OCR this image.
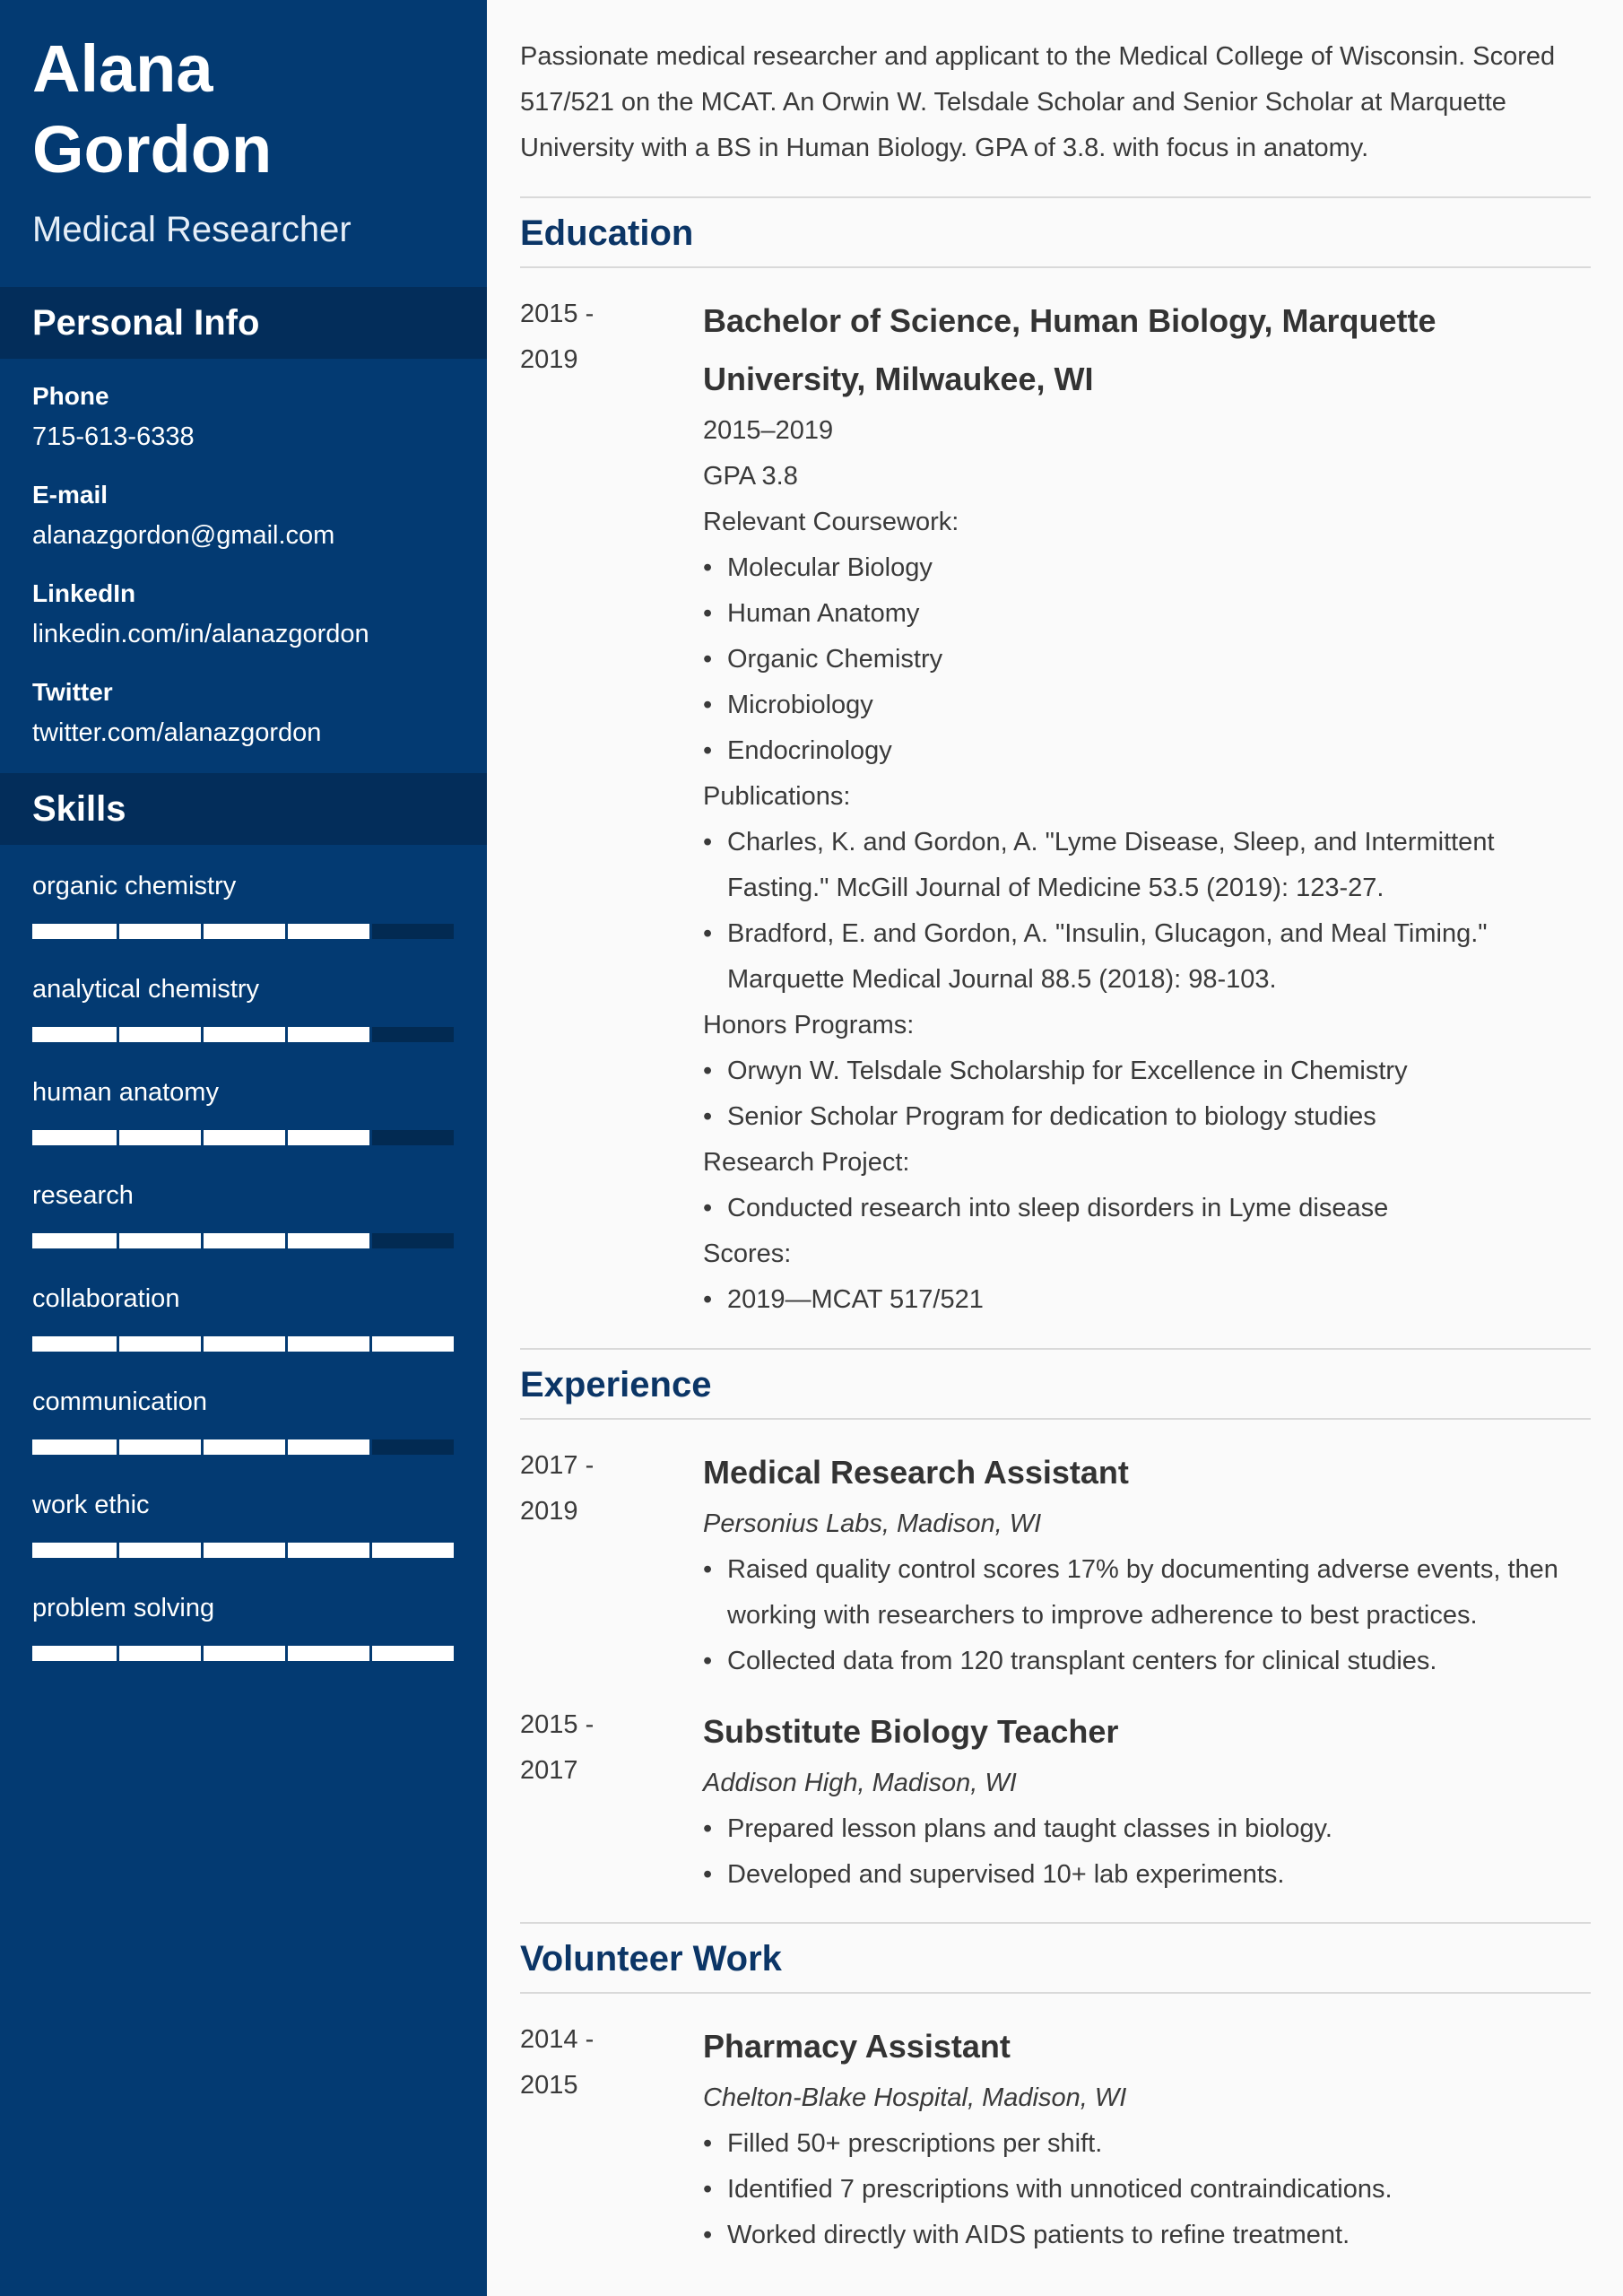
Alana
Gordon
Medical Researcher
Personal Info
Phone
715-613-6338
E-mail
alanazgordon@gmail.com
LinkedIn
linkedin.com/in/alanazgordon
Twitter
twitter.com/alanazgordon
Skills
organic chemistry
analytical chemistry
human anatomy
research
collaboration
communication
work ethic
problem solving

Passionate medical researcher and applicant to the Medical College of Wisconsin. Scored 517/521 on the MCAT. An Orwin W. Telsdale Scholar and Senior Scholar at Marquette University with a BS in Human Biology. GPA of 3.8. with focus in anatomy.

Education
2015 -
2019
Bachelor of Science, Human Biology, Marquette University, Milwaukee, WI
2015–2019
GPA 3.8
Relevant Coursework:
• Molecular Biology
• Human Anatomy
• Organic Chemistry
• Microbiology
• Endocrinology
Publications:
• Charles, K. and Gordon, A. "Lyme Disease, Sleep, and Intermittent Fasting." McGill Journal of Medicine 53.5 (2019): 123-27.
• Bradford, E. and Gordon, A. "Insulin, Glucagon, and Meal Timing." Marquette Medical Journal 88.5 (2018): 98-103.
Honors Programs:
• Orwyn W. Telsdale Scholarship for Excellence in Chemistry
• Senior Scholar Program for dedication to biology studies
Research Project:
• Conducted research into sleep disorders in Lyme disease
Scores:
• 2019—MCAT 517/521
Experience
2017 -
2019
Medical Research Assistant
Personius Labs, Madison, WI
• Raised quality control scores 17% by documenting adverse events, then working with researchers to improve adherence to best practices.
• Collected data from 120 transplant centers for clinical studies.
2015 -
2017
Substitute Biology Teacher
Addison High, Madison, WI
• Prepared lesson plans and taught classes in biology.
• Developed and supervised 10+ lab experiments.
Volunteer Work
2014 -
2015
Pharmacy Assistant
Chelton-Blake Hospital, Madison, WI
• Filled 50+ prescriptions per shift.
• Identified 7 prescriptions with unnoticed contraindications.
• Worked directly with AIDS patients to refine treatment.
